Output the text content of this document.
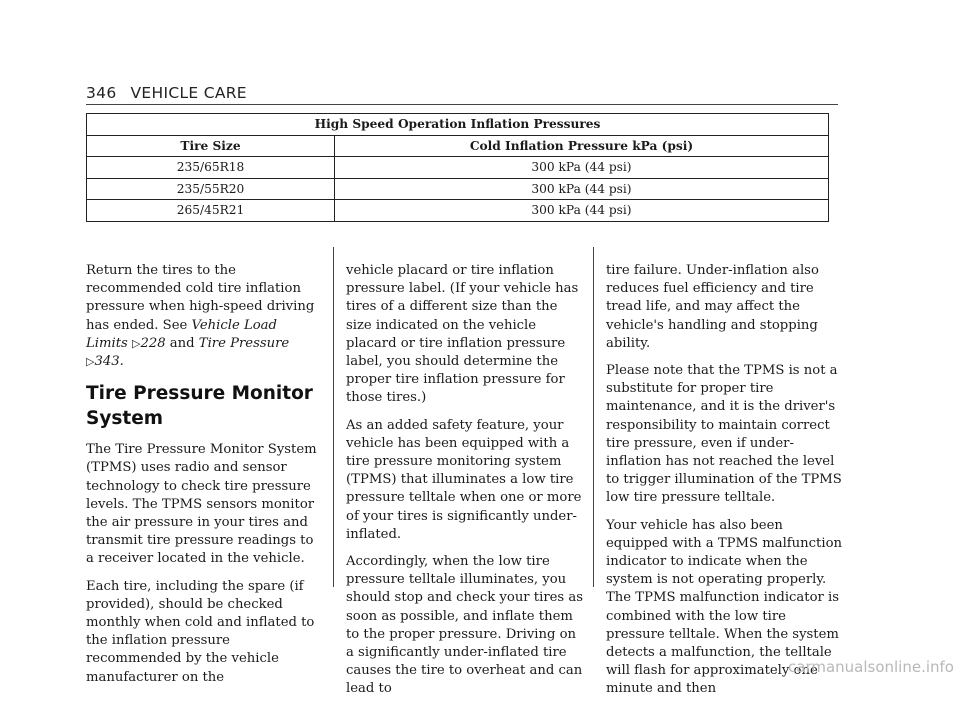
346 VEHICLE CARE
High Speed Operation Inflation Pressures	
Tire Size	Cold Inflation Pressure kPa (psi)
235/65R18	300 kPa (44 psi)
235/55R20	300 kPa (44 psi)
265/45R21	300 kPa (44 psi)

Return the tires to the recommended cold tire inflation pressure when high-speed driving has ended. See Vehicle Load Limits ▷228 and Tire Pressure ▷343.

Tire Pressure Monitor System

The Tire Pressure Monitor System (TPMS) uses radio and sensor technology to check tire pressure levels. The TPMS sensors monitor the air pressure in your tires and transmit tire pressure readings to a receiver located in the vehicle.

Each tire, including the spare (if provided), should be checked monthly when cold and inflated to the inflation pressure recommended by the vehicle manufacturer on the

vehicle placard or tire inflation pressure label. (If your vehicle has tires of a different size than the size indicated on the vehicle placard or tire inflation pressure label, you should determine the proper tire inflation pressure for those tires.)

As an added safety feature, your vehicle has been equipped with a tire pressure monitoring system (TPMS) that illuminates a low tire pressure telltale when one or more of your tires is significantly under-inflated.

Accordingly, when the low tire pressure telltale illuminates, you should stop and check your tires as soon as possible, and inflate them to the proper pressure. Driving on a significantly under-inflated tire causes the tire to overheat and can lead to

tire failure. Under-inflation also reduces fuel efficiency and tire tread life, and may affect the vehicle's handling and stopping ability.

Please note that the TPMS is not a substitute for proper tire maintenance, and it is the driver's responsibility to maintain correct tire pressure, even if under-inflation has not reached the level to trigger illumination of the TPMS low tire pressure telltale.

Your vehicle has also been equipped with a TPMS malfunction indicator to indicate when the system is not operating properly. The TPMS malfunction indicator is combined with the low tire pressure telltale. When the system detects a malfunction, the telltale will flash for approximately one minute and then

carmanualsonline.info
